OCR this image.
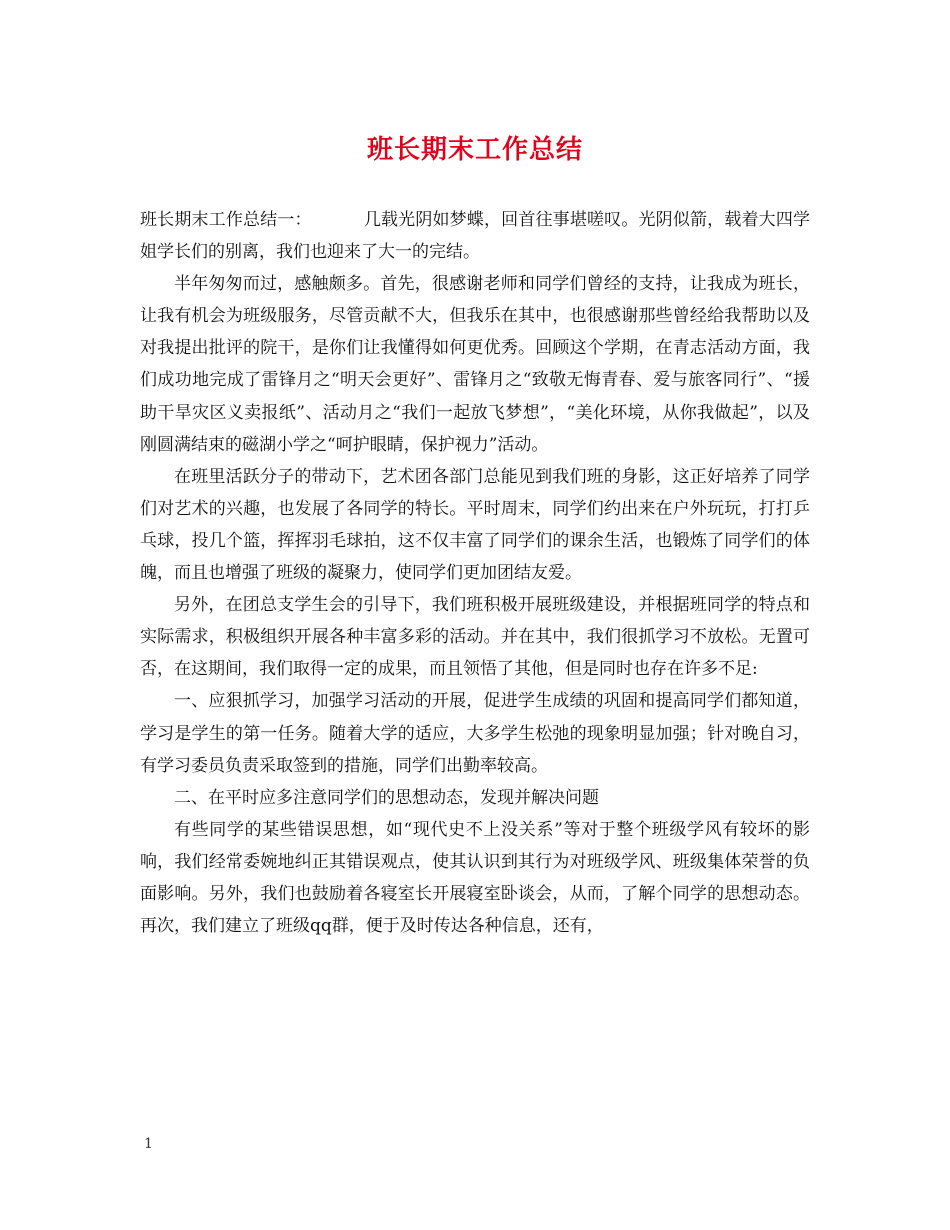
班长期末工作总结

班长期末工作总结一：	几载光阴如梦蝶，回首往事堪嗟叹。光阴似箭，载着大四学姐学长们的别离，我们也迎来了大一的完结。

半年匆匆而过，感触颇多。首先，很感谢老师和同学们曾经的支持，让我成为班长，让我有机会为班级服务，尽管贡献不大，但我乐在其中，也很感谢那些曾经给我帮助以及对我提出批评的院干，是你们让我懂得如何更优秀。回顾这个学期，在青志活动方面，我们成功地完成了雷锋月之“明天会更好”、雷锋月之“致敬无悔青春、爱与旅客同行”、“援助干旱灾区义卖报纸”、活动月之“我们一起放飞梦想”，“美化环境，从你我做起”，以及刚圆满结束的磁湖小学之“呵护眼睛，保护视力”活动。

在班里活跃分子的带动下，艺术团各部门总能见到我们班的身影，这正好培养了同学们对艺术的兴趣，也发展了各同学的特长。平时周末，同学们约出来在户外玩玩，打打乒乓球，投几个篮，挥挥羽毛球拍，这不仅丰富了同学们的课余生活，也锻炼了同学们的体魄，而且也增强了班级的凝聚力，使同学们更加团结友爱。

另外，在团总支学生会的引导下，我们班积极开展班级建设，并根据班同学的特点和实际需求，积极组织开展各种丰富多彩的活动。并在其中，我们很抓学习不放松。无置可否，在这期间，我们取得一定的成果，而且领悟了其他，但是同时也存在许多不足:

一、应狠抓学习，加强学习活动的开展，促进学生成绩的巩固和提高同学们都知道，学习是学生的第一任务。随着大学的适应，大多学生松弛的现象明显加强；针对晚自习，有学习委员负责采取签到的措施，同学们出勤率较高。

二、在平时应多注意同学们的思想动态，发现并解决问题

有些同学的某些错误思想，如“现代史不上没关系”等对于整个班级学风有较坏的影响，我们经常委婉地纠正其错误观点，使其认识到其行为对班级学风、班级集体荣誉的负面影响。另外，我们也鼓励着各寝室长开展寝室卧谈会，从而，了解个同学的思想动态。再次，我们建立了班级qq群，便于及时传达各种信息，还有，

1
